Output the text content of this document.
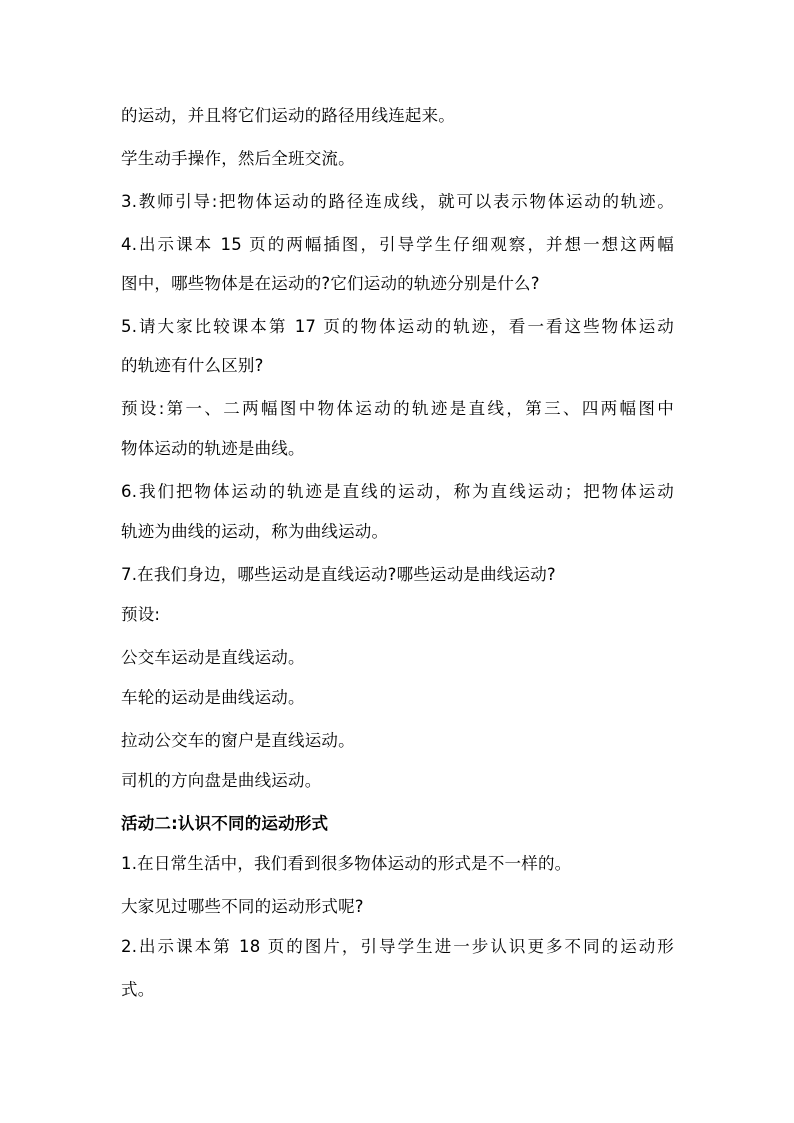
的运动，并且将它们运动的路径用线连起来。

学生动手操作，然后全班交流。

3.教师引导:把物体运动的路径连成线，就可以表示物体运动的轨迹。

4.出示课本 15 页的两幅插图，引导学生仔细观察，并想一想这两幅

图中，哪些物体是在运动的?它们运动的轨迹分别是什么?

5.请大家比较课本第 17 页的物体运动的轨迹，看一看这些物体运动

的轨迹有什么区别?

预设:第一、二两幅图中物体运动的轨迹是直线，第三、四两幅图中

物体运动的轨迹是曲线。

6.我们把物体运动的轨迹是直线的运动，称为直线运动；把物体运动

轨迹为曲线的运动，称为曲线运动。

7.在我们身边，哪些运动是直线运动?哪些运动是曲线运动?

预设:

公交车运动是直线运动。

车轮的运动是曲线运动。

拉动公交车的窗户是直线运动。

司机的方向盘是曲线运动。

活动二:认识不同的运动形式

1.在日常生活中，我们看到很多物体运动的形式是不一样的。

大家见过哪些不同的运动形式呢?

2.出示课本第 18 页的图片，引导学生进一步认识更多不同的运动形

式。
